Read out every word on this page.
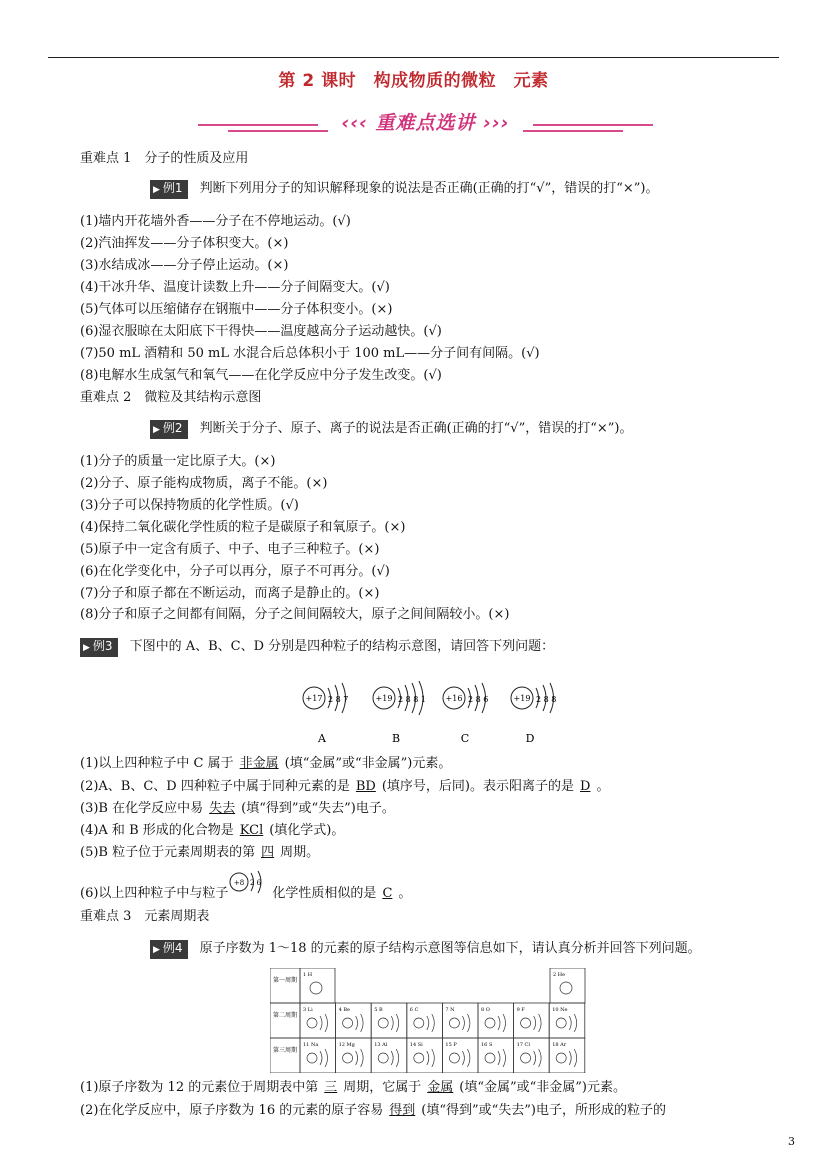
第 2 课时　构成物质的微粒　元素
‹‹‹ 重难点选讲 ›››
重难点 1　分子的性质及应用
▶ 例1 判断下列用分子的知识解释现象的说法是否正确(正确的打“√”，错误的打“×”)。
(1)墙内开花墙外香——分子在不停地运动。(√)
(2)汽油挥发——分子体积变大。(×)
(3)水结成冰——分子停止运动。(×)
(4)干冰升华、温度计读数上升——分子间隔变大。(√)
(5)气体可以压缩储存在钢瓶中——分子体积变小。(×)
(6)湿衣服晾在太阳底下干得快——温度越高分子运动越快。(√)
(7)50 mL 酒精和 50 mL 水混合后总体积小于 100 mL——分子间有间隔。(√)
(8)电解水生成氢气和氧气——在化学反应中分子发生改变。(√)
重难点 2　微粒及其结构示意图
▶ 例2 判断关于分子、原子、离子的说法是否正确(正确的打“√”，错误的打“×”)。
(1)分子的质量一定比原子大。(×)
(2)分子、原子能构成物质，离子不能。(×)
(3)分子可以保持物质的化学性质。(√)
(4)保持二氧化碳化学性质的粒子是碳原子和氧原子。(×)
(5)原子中一定含有质子、中子、电子三种粒子。(×)
(6)在化学变化中，分子可以再分，原子不可再分。(√)
(7)分子和原子都在不断运动，而离子是静止的。(×)
(8)分子和原子之间都有间隔，分子之间间隔较大，原子之间间隔较小。(×)
▶ 例3 下图中的 A、B、C、D 分别是四种粒子的结构示意图，请回答下列问题：
+17 2 8 7
A
+19 2 8 8 1
B
+16 2 8 6
C
+19 2 8 8
D
(1)以上四种粒子中 C 属于 非金属 (填“金属”或“非金属”)元素。
(2)A、B、C、D 四种粒子中属于同种元素的是 BD (填序号，后同)。表示阳离子的是 D 。
(3)B 在化学反应中易 失去 (填“得到”或“失去”)电子。
(4)A 和 B 形成的化合物是 KCl (填化学式)。
(5)B 粒子位于元素周期表的第 四 周期。
(6)以上四种粒子中与粒子
+8 2 6
化学性质相似的是 C 。
重难点 3　元素周期表
▶ 例4 原子序数为 1～18 的元素的原子结构示意图等信息如下，请认真分析并回答下列问题。
第一周期
第二周期
第三周期
1 H	2 He
3 Li	4 Be	5 B	6 C	7 N	8 O	9 F	10 Ne
11 Na	12 Mg	13 Al	14 Si	15 P	16 S	17 Cl	18 Ar
(1)原子序数为 12 的元素位于周期表中第 三 周期，它属于 金属 (填“金属”或“非金属”)元素。
(2)在化学反应中，原子序数为 16 的元素的原子容易 得到 (填“得到”或“失去”)电子，所形成的粒子的
3
